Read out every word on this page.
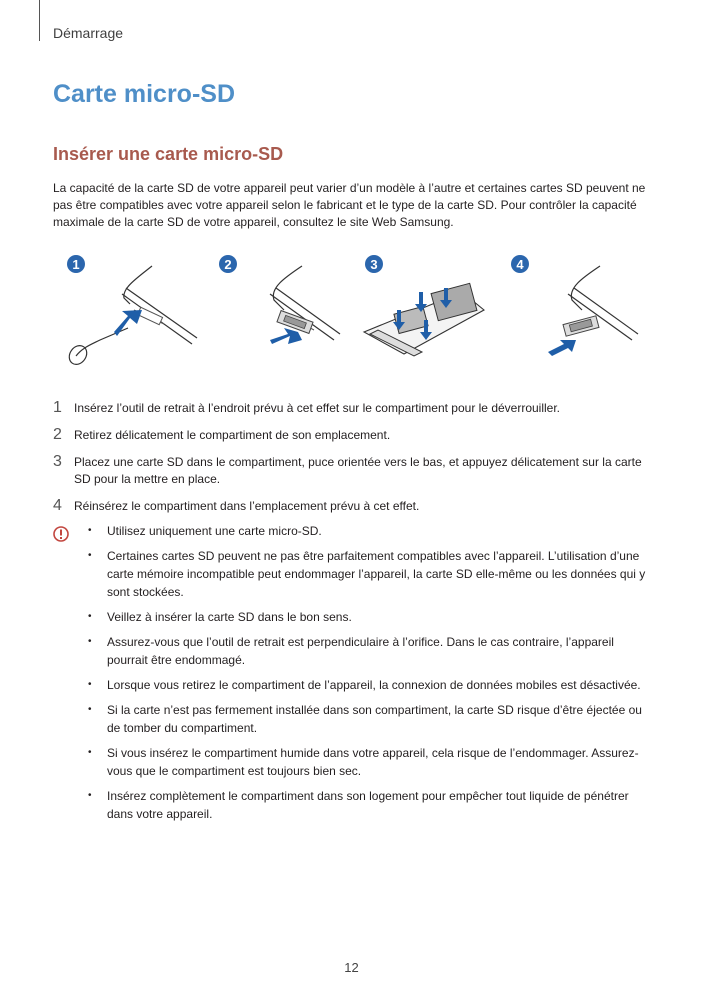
Démarrage
Carte micro-SD
Insérer une carte micro-SD

La capacité de la carte SD de votre appareil peut varier d’un modèle à l’autre et certaines cartes SD peuvent ne pas être compatibles avec votre appareil selon le fabricant et le type de la carte SD. Pour contrôler la capacité maximale de la carte SD de votre appareil, consultez le site Web Samsung.

1	2	3	4
1 Insérez l’outil de retrait à l’endroit prévu à cet effet sur le compartiment pour le déverrouiller.
2 Retirez délicatement le compartiment de son emplacement.
3 Placez une carte SD dans le compartiment, puce orientée vers le bas, et appuyez délicatement sur la carte SD pour la mettre en place.
4 Réinsérez le compartiment dans l’emplacement prévu à cet effet.
• Utilisez uniquement une carte micro-SD.
• Certaines cartes SD peuvent ne pas être parfaitement compatibles avec l’appareil. L’utilisation d’une carte mémoire incompatible peut endommager l’appareil, la carte SD elle-même ou les données qui y sont stockées.
• Veillez à insérer la carte SD dans le bon sens.
• Assurez-vous que l’outil de retrait est perpendiculaire à l’orifice. Dans le cas contraire, l’appareil pourrait être endommagé.
• Lorsque vous retirez le compartiment de l’appareil, la connexion de données mobiles est désactivée.
• Si la carte n’est pas fermement installée dans son compartiment, la carte SD risque d’être éjectée ou de tomber du compartiment.
• Si vous insérez le compartiment humide dans votre appareil, cela risque de l’endommager. Assurez-vous que le compartiment est toujours bien sec.
• Insérez complètement le compartiment dans son logement pour empêcher tout liquide de pénétrer dans votre appareil.
12
